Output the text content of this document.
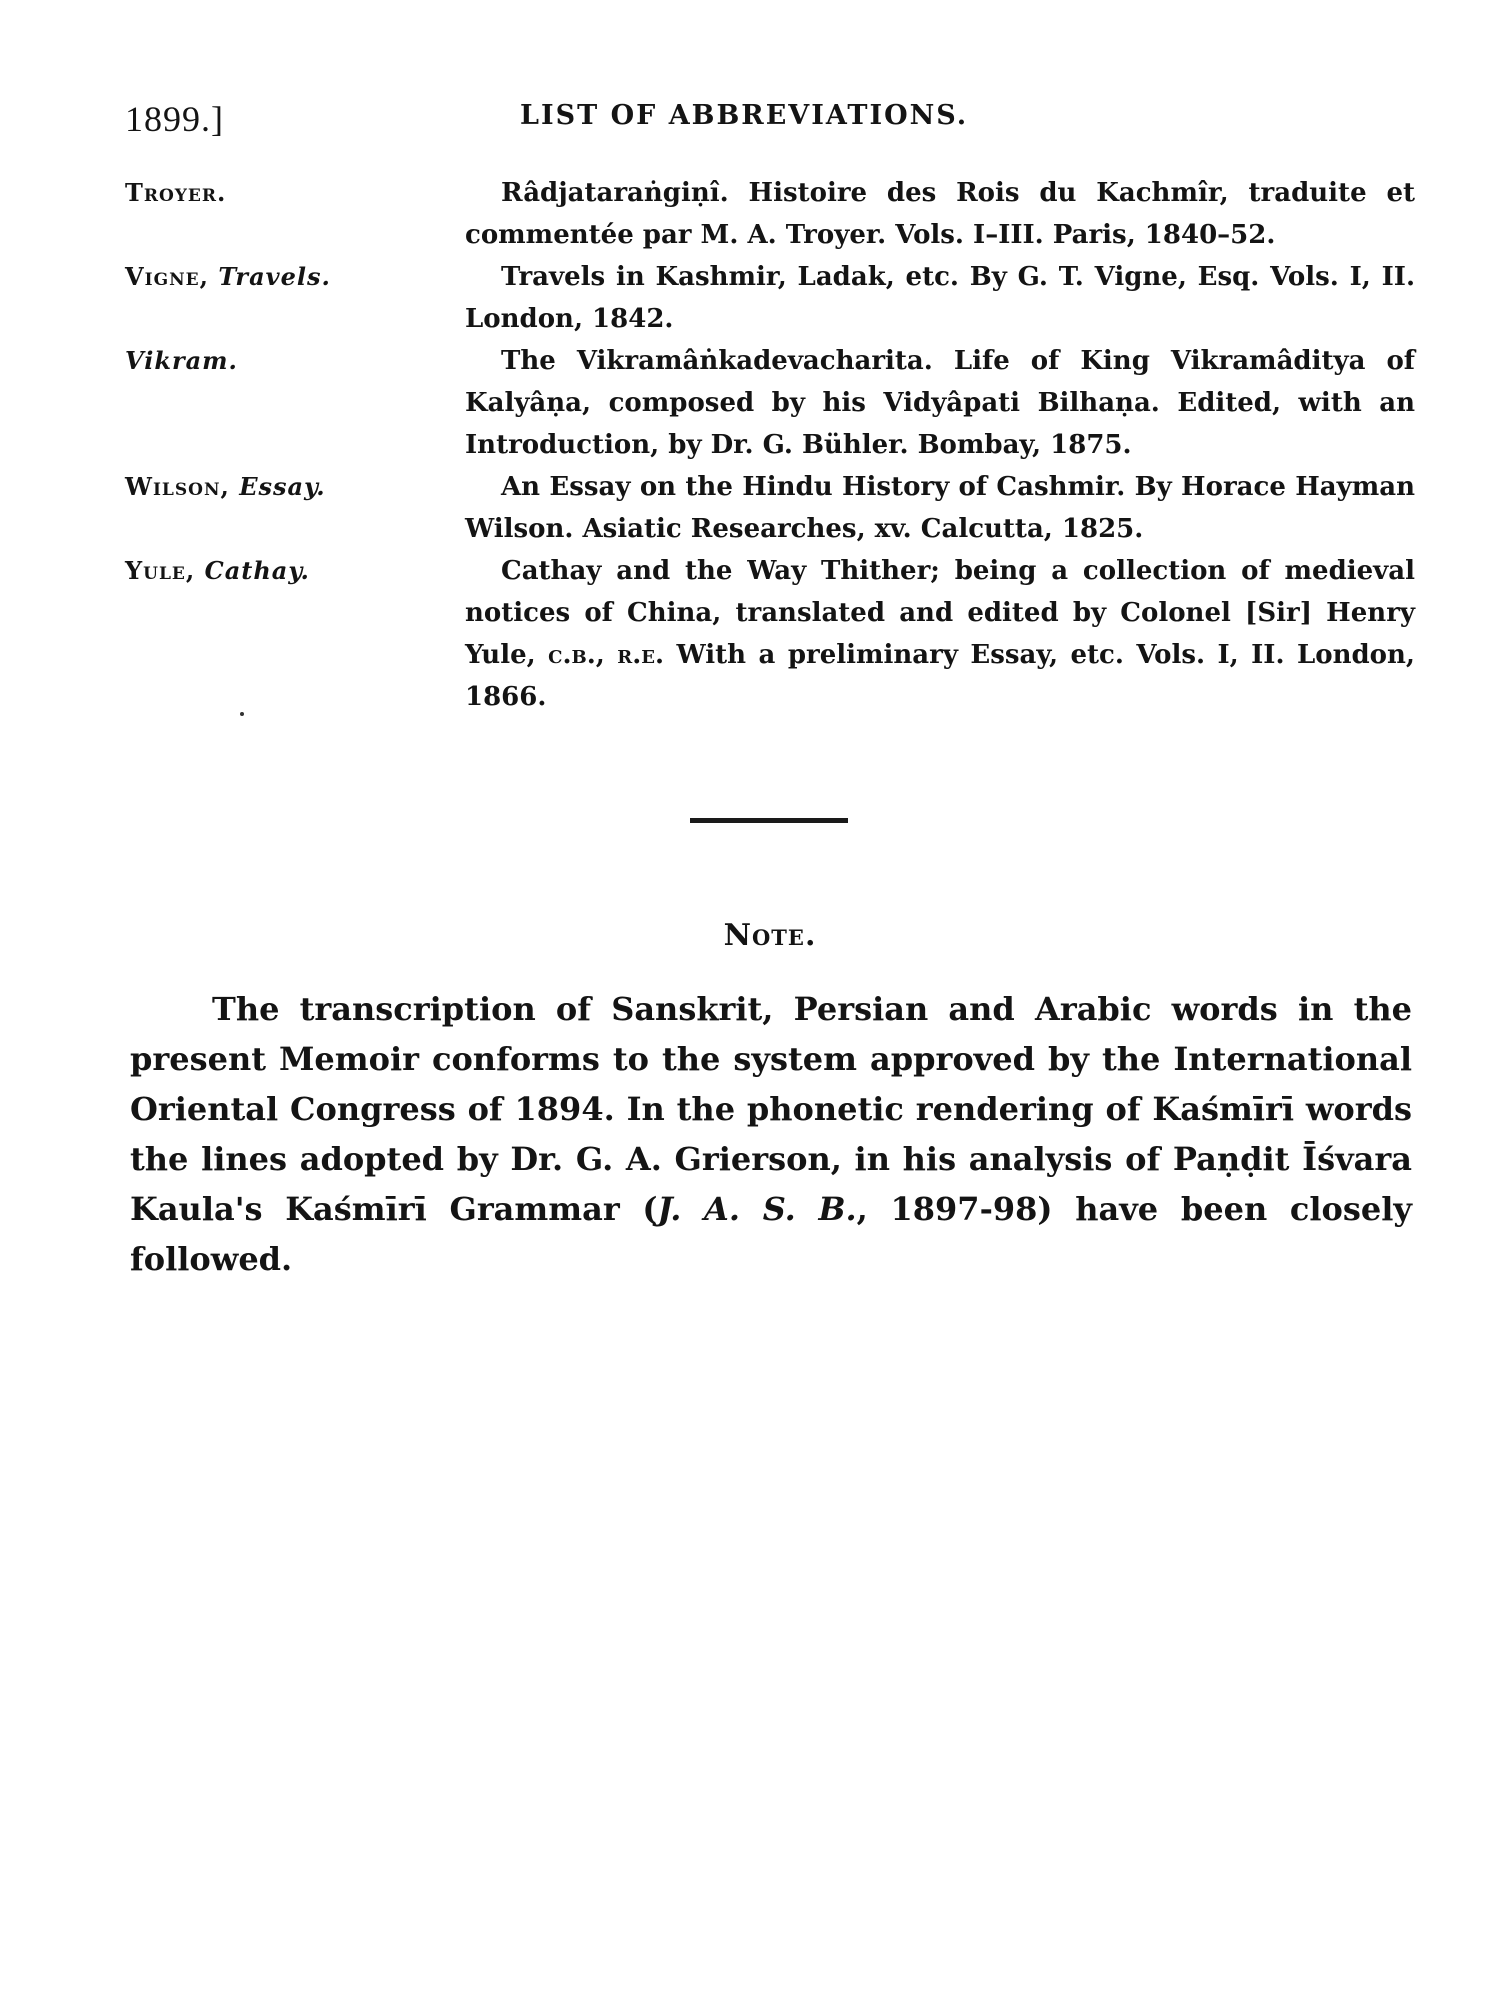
1899.]	LIST OF ABBREVIATIONS.
Troyer.	Râdjataraṅgiṇî. Histoire des Rois du Kachmîr, traduite et commentée par M. A. Troyer. Vols. I–III. Paris, 1840–52.
Vigne, Travels.	Travels in Kashmir, Ladak, etc. By G. T. Vigne, Esq. Vols. I, II. London, 1842.
Vikram.	The Vikramâṅkadevacharita. Life of King Vikramâditya of Kalyâṇa, composed by his Vidyâpati Bilhaṇa. Edited, with an Introduction, by Dr. G. Bühler. Bombay, 1875.
Wilson, Essay.	An Essay on the Hindu History of Cashmir. By Horace Hayman Wilson. Asiatic Researches, xv. Calcutta, 1825.
Yule, Cathay.	Cathay and the Way Thither; being a collection of medieval notices of China, translated and edited by Colonel [Sir] Henry Yule, c.b., r.e. With a preliminary Essay, etc. Vols. I, II. London, 1866.
Note.
The transcription of Sanskrit, Persian and Arabic words in the present Memoir conforms to the system approved by the International Oriental Congress of 1894. In the phonetic rendering of Kaśmīrī words the lines adopted by Dr. G. A. Grierson, in his analysis of Paṇḍit Īśvara Kaula's Kaśmīrī Grammar (J. A. S. B., 1897-98) have been closely followed.
